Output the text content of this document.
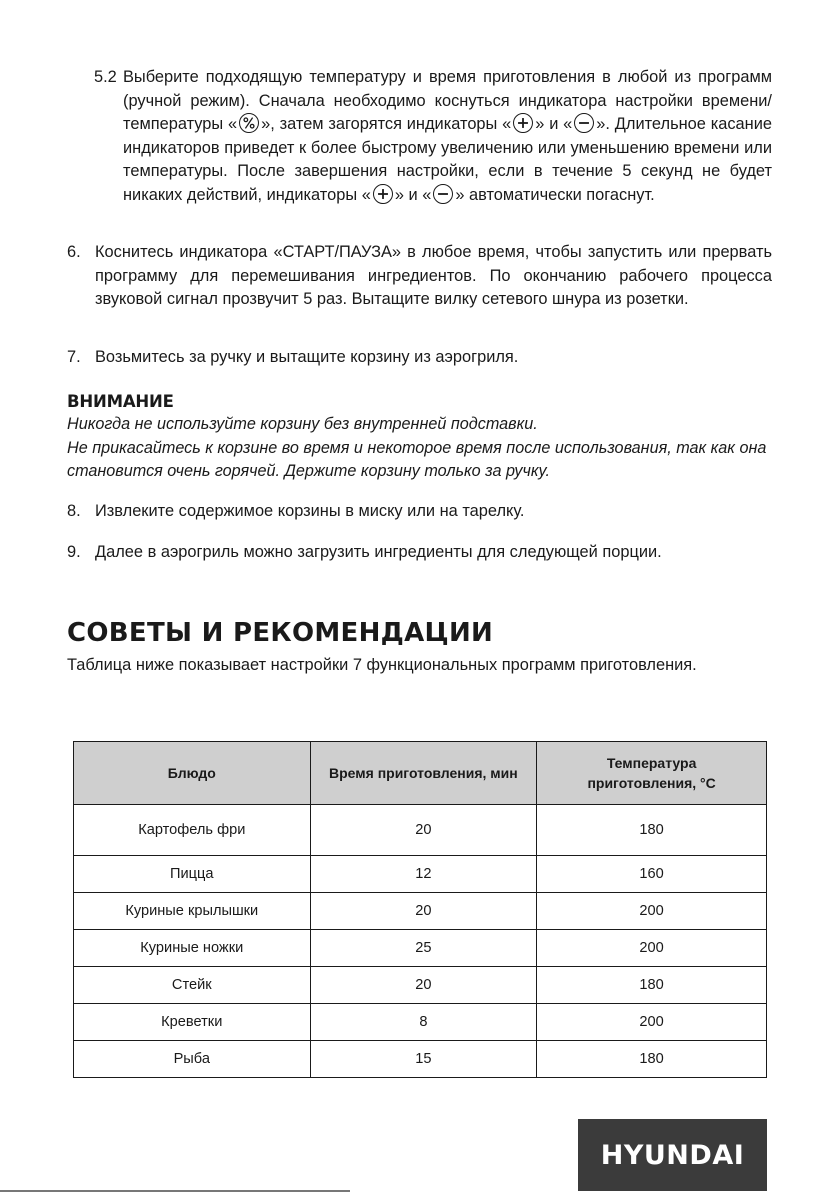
5.2 Выберите подходящую температуру и время приготовления в любой из программ (ручной режим). Сначала необходимо коснуться индикатора настройки времени/температуры « », затем загорятся индикаторы « » и « ». Длительное касание индикаторов приведет к более быстрому увеличению или уменьшению времени или температуры. После завершения настройки, если в течение 5 секунд не будет никаких действий, индикаторы « » и « » автоматически погаснут.
6. Коснитесь индикатора «СТАРТ/ПАУЗА» в любое время, чтобы запустить или прервать программу для перемешивания ингредиентов. По окончанию рабочего процесса звуковой сигнал прозвучит 5 раз. Вытащите вилку сетевого шнура из розетки.
7. Возьмитесь за ручку и вытащите корзину из аэрогриля.
ВНИМАНИЕ
Никогда не используйте корзину без внутренней подставки.
Не прикасайтесь к корзине во время и некоторое время после использования, так как она становится очень горячей. Держите корзину только за ручку.
8. Извлеките содержимое корзины в миску или на тарелку.
9. Далее в аэрогриль можно загрузить ингредиенты для следующей порции.
СОВЕТЫ И РЕКОМЕНДАЦИИ
Таблица ниже показывает настройки 7 функциональных программ приготовления.
Блюдо	Время приготовления, мин	Температура приготовления, °С
Картофель фри	20	180
Пицца	12	160
Куриные крылышки	20	200
Куриные ножки	25	200
Стейк	20	180
Креветки	8	200
Рыба	15	180
HYUNDAI
